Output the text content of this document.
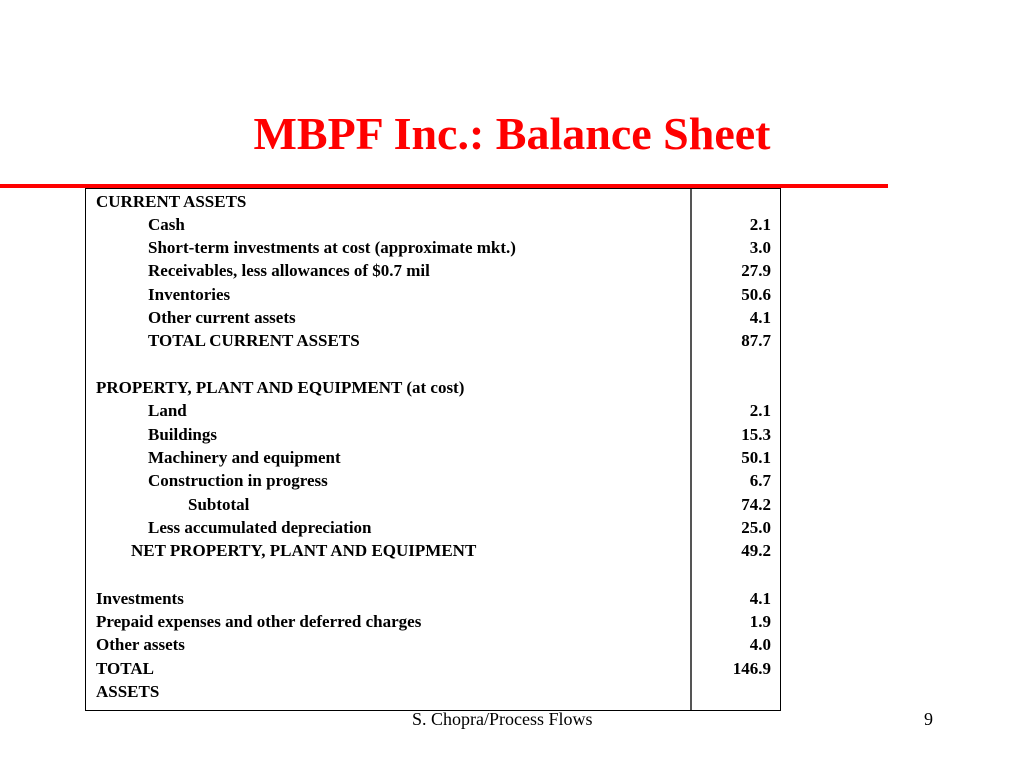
MBPF Inc.: Balance Sheet
CURRENT ASSETS
Cash	2.1
Short-term investments at cost (approximate mkt.)	3.0
Receivables, less allowances of $0.7 mil	27.9
Inventories	50.6
Other current assets	4.1
TOTAL CURRENT ASSETS	87.7
PROPERTY, PLANT AND EQUIPMENT (at cost)
Land	2.1
Buildings	15.3
Machinery and equipment	50.1
Construction in progress	6.7
Subtotal	74.2
Less accumulated depreciation	25.0
NET PROPERTY, PLANT AND EQUIPMENT	49.2
Investments	4.1
Prepaid expenses and other deferred charges	1.9
Other assets	4.0
TOTAL	146.9
ASSETS
S. Chopra/Process Flows	9
